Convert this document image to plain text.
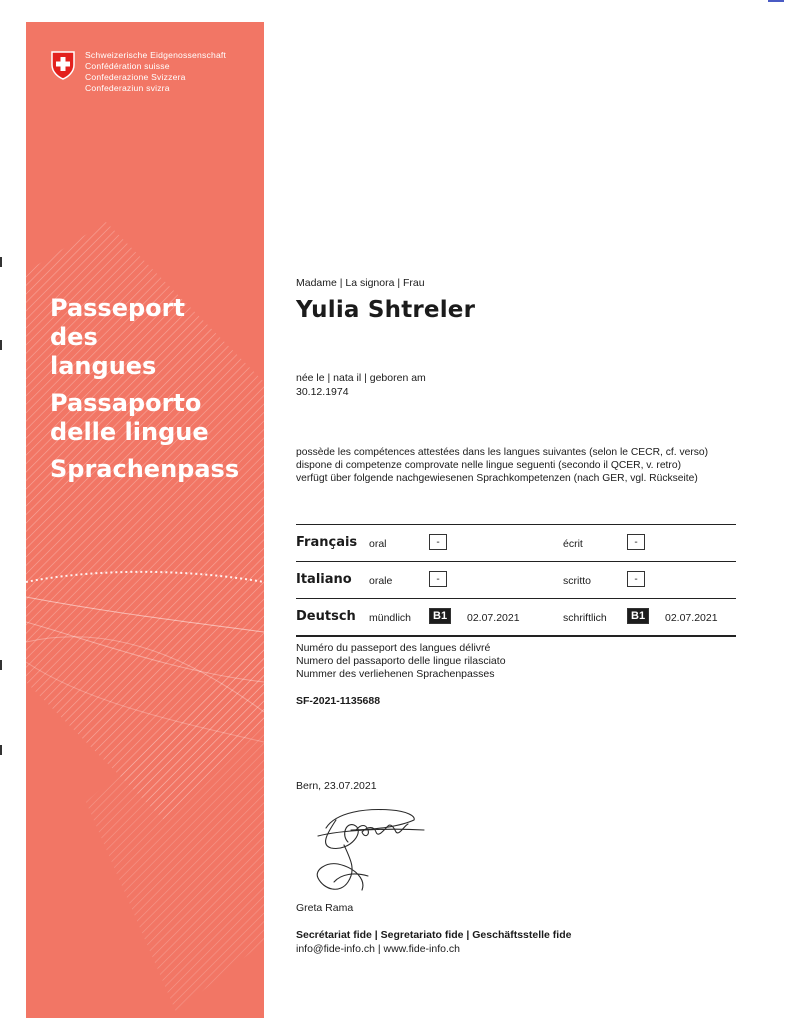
Schweizerische Eidgenossenschaft
Confédération suisse
Confederazione Svizzera
Confederaziun svizra
Passeport des langues
Passaporto delle lingue
Sprachenpass
Madame | La signora | Frau
Yulia Shtreler
née le | nata il | geboren am
30.12.1974
possède les compétences attestées dans les langues suivantes (selon le CECR, cf. verso)
dispone di competenze comprovate nelle lingue seguenti (secondo il QCER, v. retro)
verfügt über folgende nachgewiesenen Sprachkompetenzen (nach GER, vgl. Rückseite)
Français oral	-	écrit	-
Italiano orale	-	scritto	-
Deutsch mündlich	B1	02.07.2021	schriftlich	B1	02.07.2021
Numéro du passeport des langues délivré
Numero del passaporto delle lingue rilasciato
Nummer des verliehenen Sprachenpasses
SF-2021-1135688
Bern, 23.07.2021
Greta Rama
Secrétariat fide | Segretariato fide | Geschäftsstelle fide
info@fide-info.ch | www.fide-info.ch
